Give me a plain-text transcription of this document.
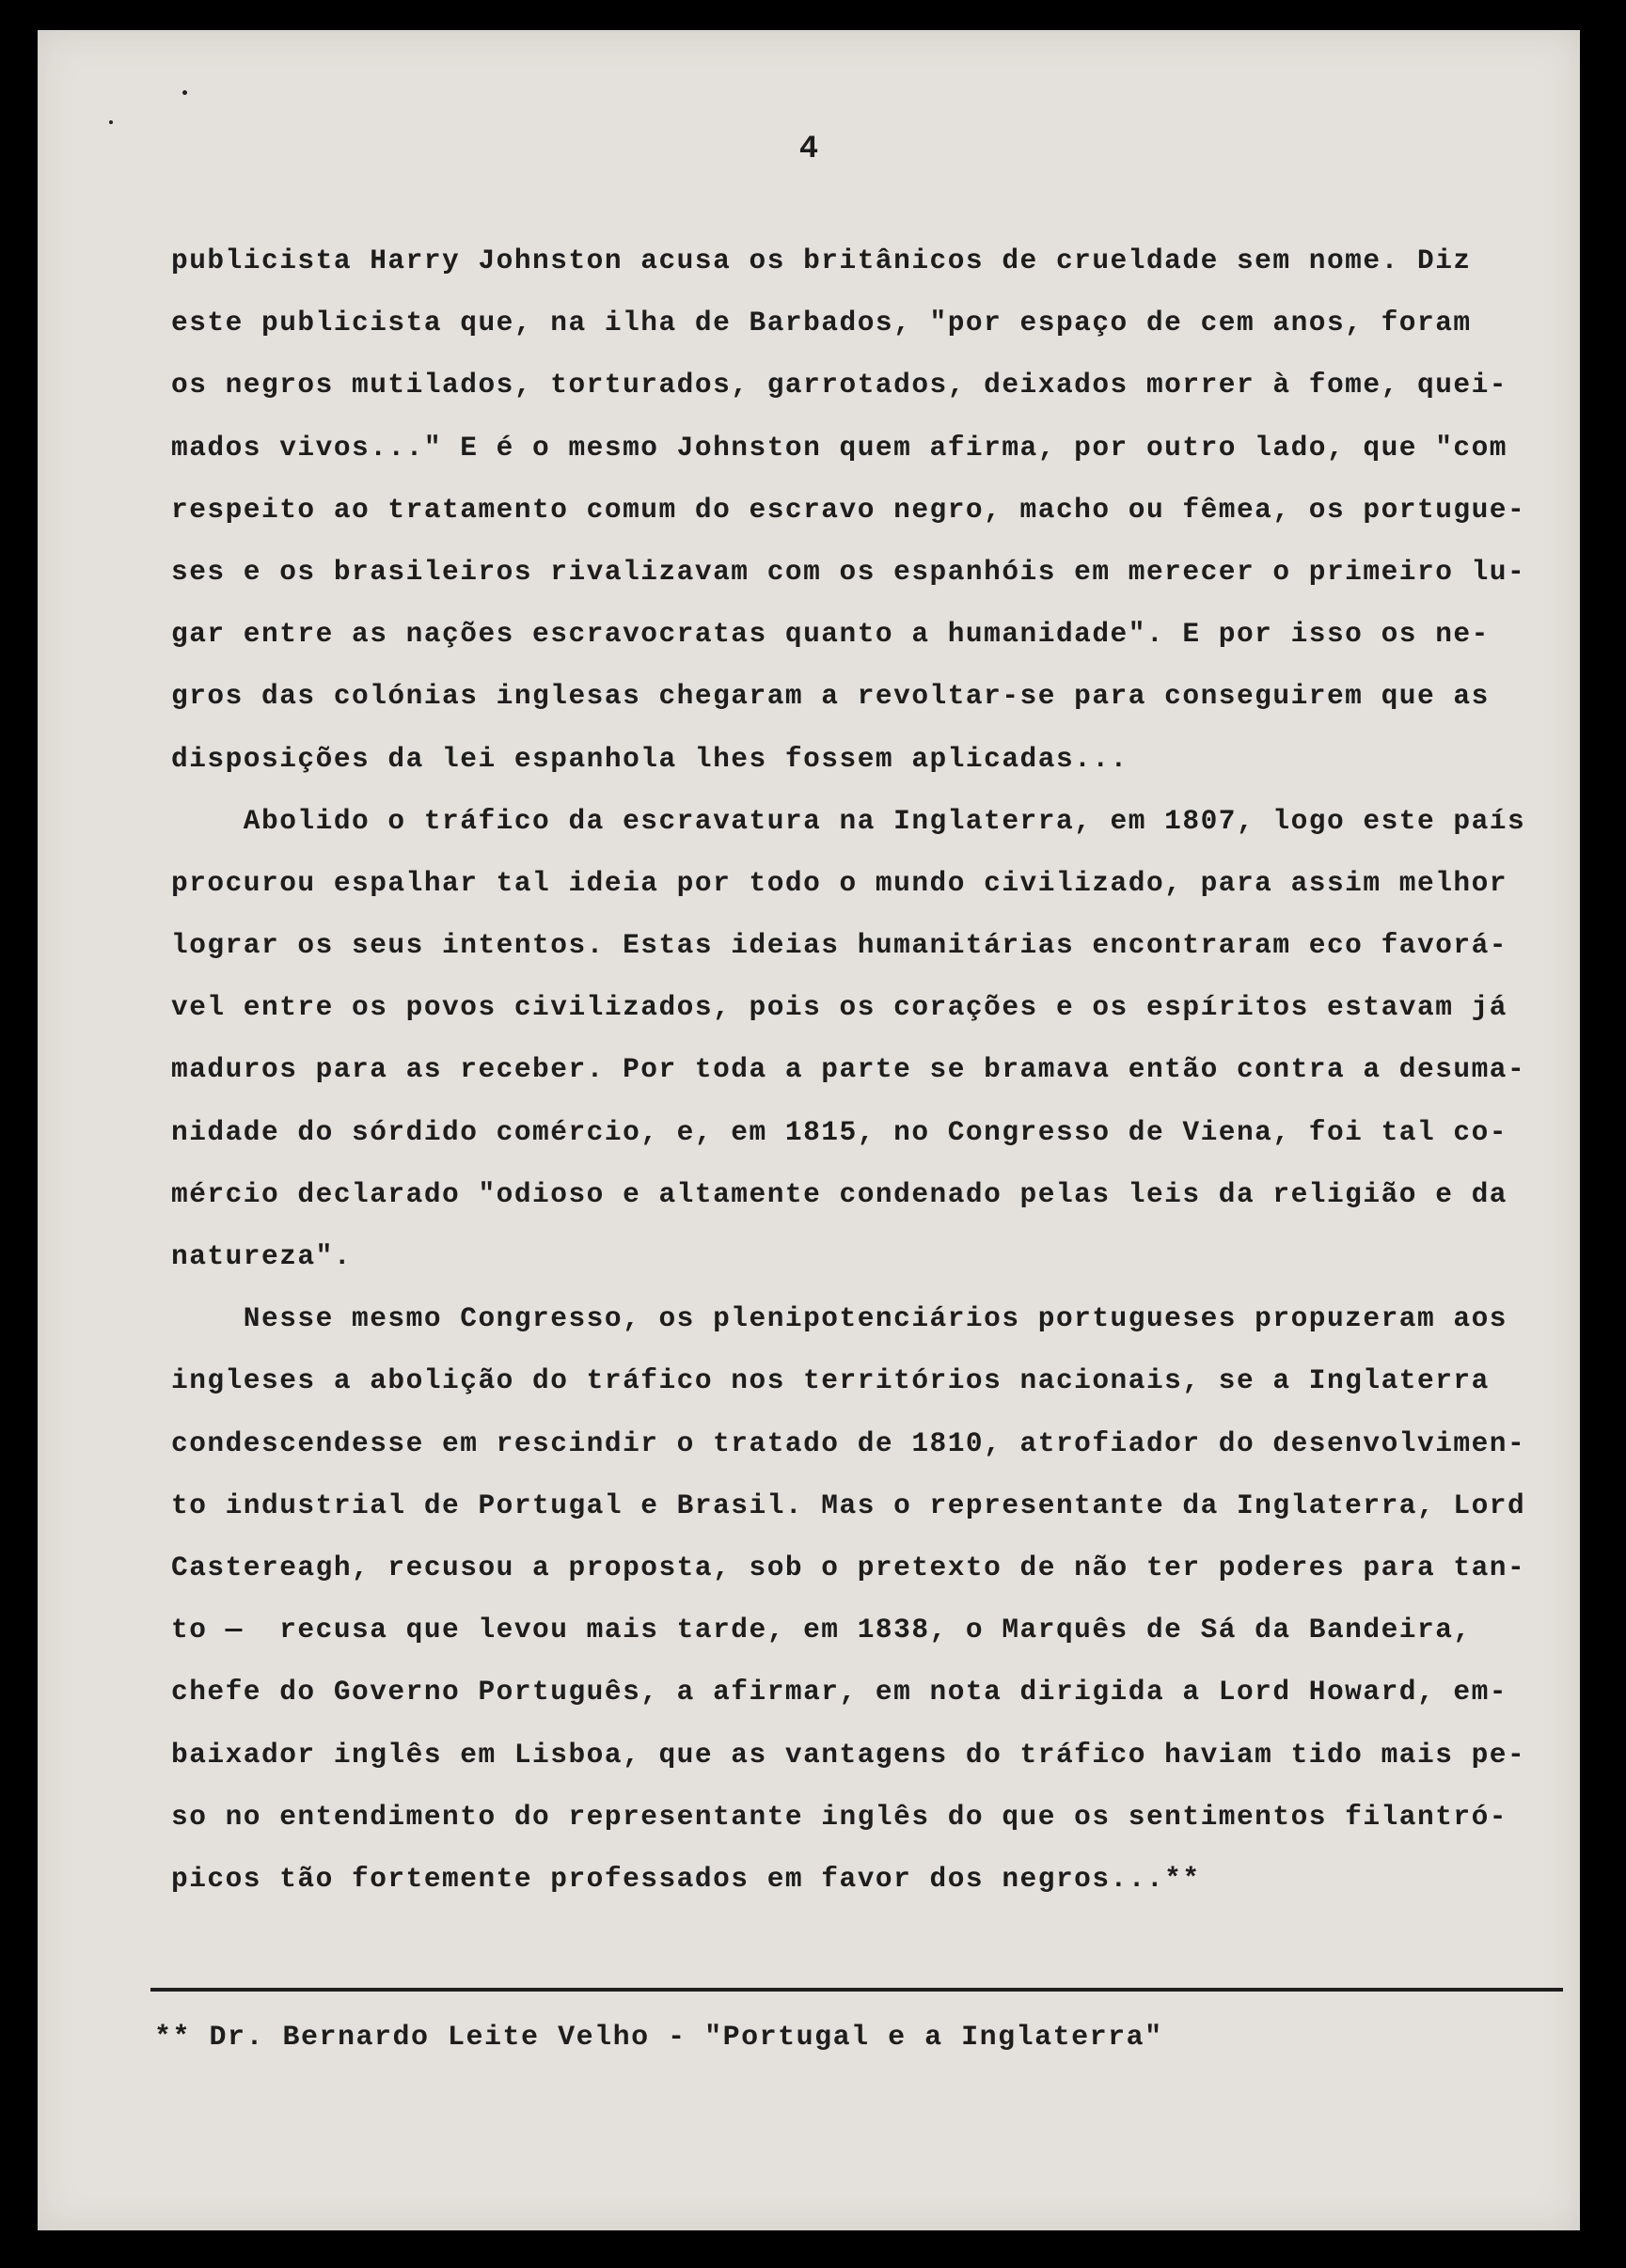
4
publicista Harry Johnston acusa os britânicos de crueldade sem nome. Diz
este publicista que, na ilha de Barbados, "por espaço de cem anos, foram
os negros mutilados, torturados, garrotados, deixados morrer à fome, quei-
mados vivos..." E é o mesmo Johnston quem afirma, por outro lado, que "com
respeito ao tratamento comum do escravo negro, macho ou fêmea, os portugue-
ses e os brasileiros rivalizavam com os espanhóis em merecer o primeiro lu-
gar entre as nações escravocratas quanto a humanidade". E por isso os ne-
gros das colónias inglesas chegaram a revoltar-se para conseguirem que as
disposições da lei espanhola lhes fossem aplicadas...
Abolido o tráfico da escravatura na Inglaterra, em 1807, logo este país
procurou espalhar tal ideia por todo o mundo civilizado, para assim melhor
lograr os seus intentos. Estas ideias humanitárias encontraram eco favorá-
vel entre os povos civilizados, pois os corações e os espíritos estavam já
maduros para as receber. Por toda a parte se bramava então contra a desuma-
nidade do sórdido comércio, e, em 1815, no Congresso de Viena, foi tal co-
mércio declarado "odioso e altamente condenado pelas leis da religião e da
natureza".
Nesse mesmo Congresso, os plenipotenciários portugueses propuzeram aos
ingleses a abolição do tráfico nos territórios nacionais, se a Inglaterra
condescendesse em rescindir o tratado de 1810, atrofiador do desenvolvimen-
to industrial de Portugal e Brasil. Mas o representante da Inglaterra, Lord
Castereagh, recusou a proposta, sob o pretexto de não ter poderes para tan-
to —  recusa que levou mais tarde, em 1838, o Marquês de Sá da Bandeira,
chefe do Governo Português, a afirmar, em nota dirigida a Lord Howard, em-
baixador inglês em Lisboa, que as vantagens do tráfico haviam tido mais pe-
so no entendimento do representante inglês do que os sentimentos filantró-
picos tão fortemente professados em favor dos negros...**
** Dr. Bernardo Leite Velho - "Portugal e a Inglaterra"
